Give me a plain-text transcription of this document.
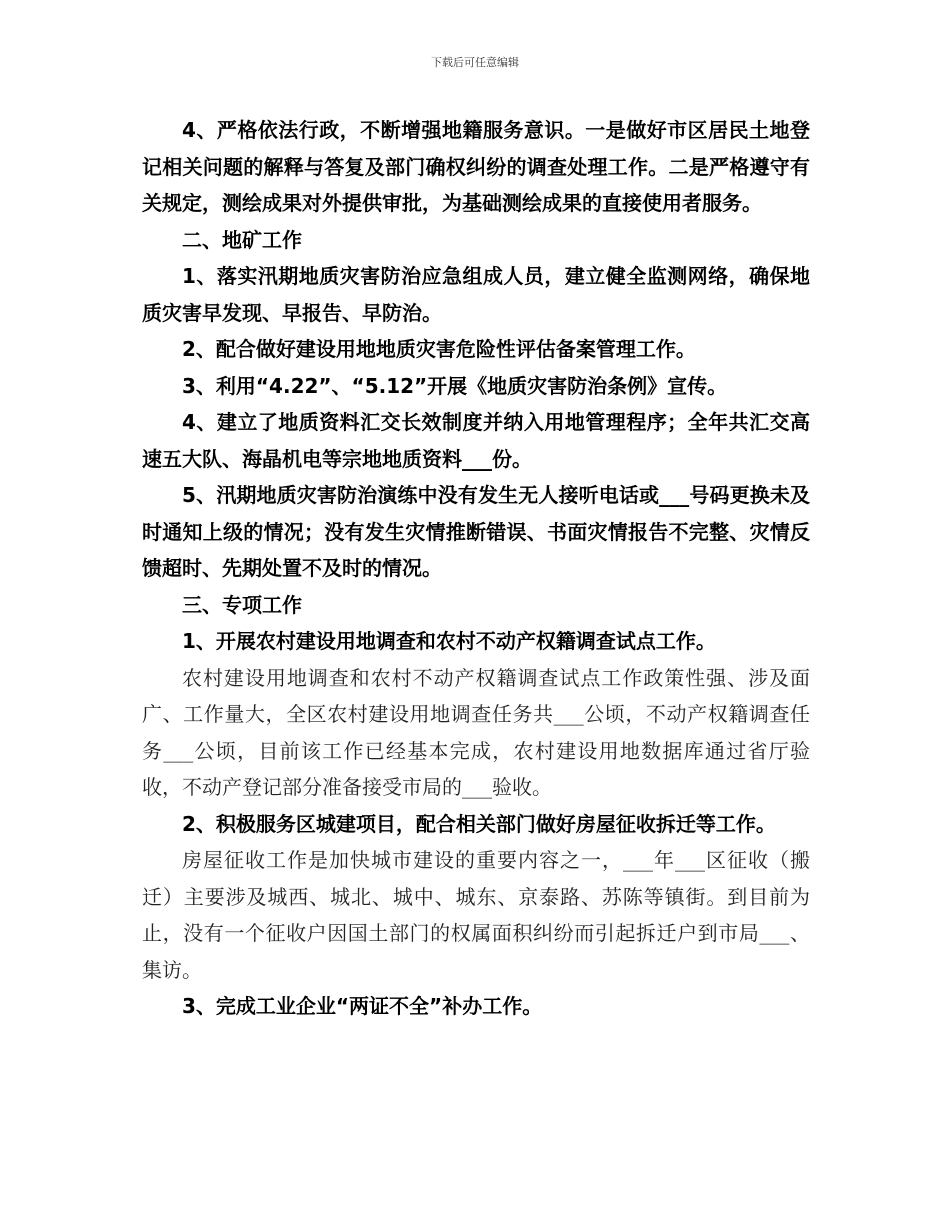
下载后可任意编辑

4、严格依法行政，不断增强地籍服务意识。一是做好市区居民土地登记相关问题的解释与答复及部门确权纠纷的调查处理工作。二是严格遵守有关规定，测绘成果对外提供审批，为基础测绘成果的直接使用者服务。

二、地矿工作

1、落实汛期地质灾害防治应急组成人员，建立健全监测网络，确保地质灾害早发现、早报告、早防治。

2、配合做好建设用地地质灾害危险性评估备案管理工作。

3、利用“4.22”、“5.12”开展《地质灾害防治条例》宣传。

4、建立了地质资料汇交长效制度并纳入用地管理程序；全年共汇交高速五大队、海晶机电等宗地地质资料___份。

5、汛期地质灾害防治演练中没有发生无人接听电话或___号码更换未及时通知上级的情况；没有发生灾情推断错误、书面灾情报告不完整、灾情反馈超时、先期处置不及时的情况。

三、专项工作

1、开展农村建设用地调查和农村不动产权籍调查试点工作。

农村建设用地调查和农村不动产权籍调查试点工作政策性强、涉及面广、工作量大，全区农村建设用地调查任务共___公顷，不动产权籍调查任务___公顷，目前该工作已经基本完成，农村建设用地数据库通过省厅验收，不动产登记部分准备接受市局的___验收。

2、积极服务区城建项目，配合相关部门做好房屋征收拆迁等工作。

房屋征收工作是加快城市建设的重要内容之一，___年___区征收（搬迁）主要涉及城西、城北、城中、城东、京泰路、苏陈等镇街。到目前为止，没有一个征收户因国土部门的权属面积纠纷而引起拆迁户到市局___、集访。

3、完成工业企业“两证不全”补办工作。
